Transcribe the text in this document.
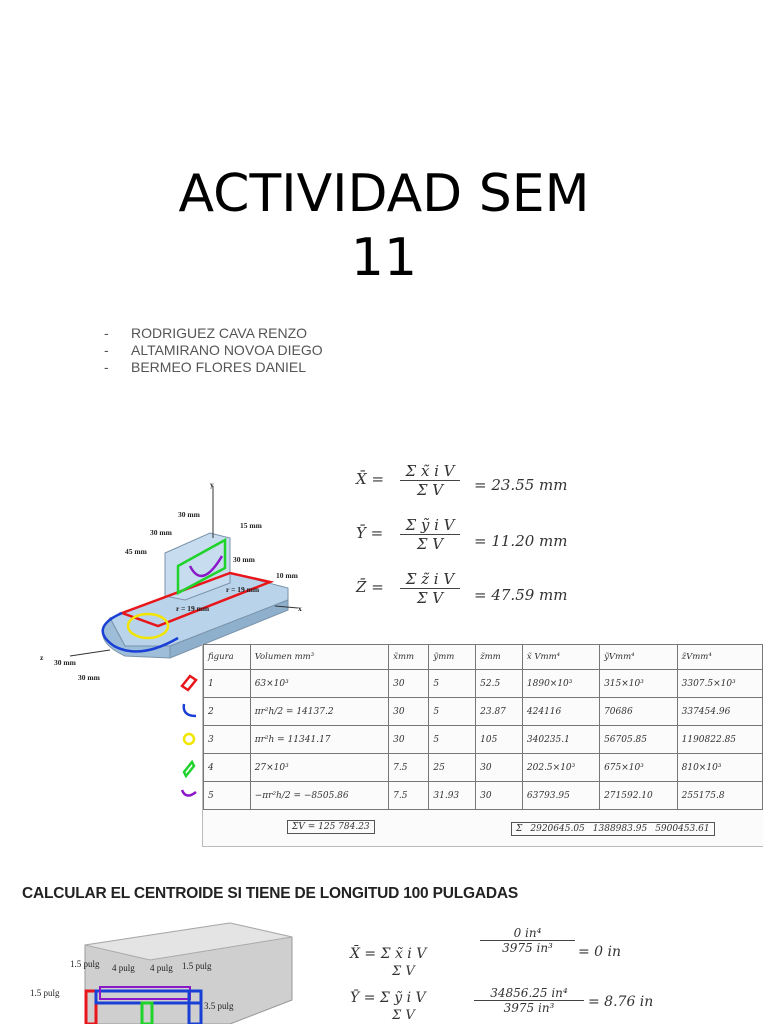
ACTIVIDAD SEM
11
-	RODRIGUEZ CAVA RENZO
-	ALTAMIRANO NOVOA DIEGO
-	BERMEO FLORES DANIEL
y
x
z
30 mm
15 mm
30 mm
45 mm
30 mm
10 mm
r = 19 mm
r = 19 mm
30 mm
30 mm
X̄ = $\frac{\text{Σ x̃ i V}}{\text{Σ V}} = 23.55$ mm
Ȳ = $\frac{\text{Σ ỹ i V}}{\text{Σ V}} = 11.20$ mm
Z̄ = $\frac{\text{Σ z̃ i V}}{\text{Σ V}} = 47.59$ mm
figura	Volumen mm³	x̃mm	ỹmm	z̃mm	x̃ Vmm⁴	ỹVmm⁴	z̃Vmm⁴
1	63×10³	30	5	52.5	1890×10³	315×10³	3307.5×10³
2	πr²h/2 = 14137.2	30	5	23.87	424116	70686	337454.96
3	πr²h = 11341.17	30	5	105	340235.1	56705.85	1190822.85
4	27×10³	7.5	25	30	202.5×10³	675×10³	810×10³
5	−πr²h/2 = −8505.86	7.5	31.93	30	63793.95	271592.10	255175.8
ΣV = 125 784.23	Σ 2920645.05 1388983.95 5900453.61
CALCULAR EL CENTROIDE SI TIENE DE LONGITUD 100 PULGADAS
1.5 pulg 4 pulg 4 pulg 1.5 pulg
1.5 pulg
3.5 pulg
X̄ = Σ x̃ i V
Σ V
$\frac{\text{0 in⁴}}{\text{3975 in³}} = 0$ in
Ȳ = Σ ỹ i V
Σ V
$\frac{\text{34856.25 in⁴}}{\text{3975 in³}} = 8.76$ in
